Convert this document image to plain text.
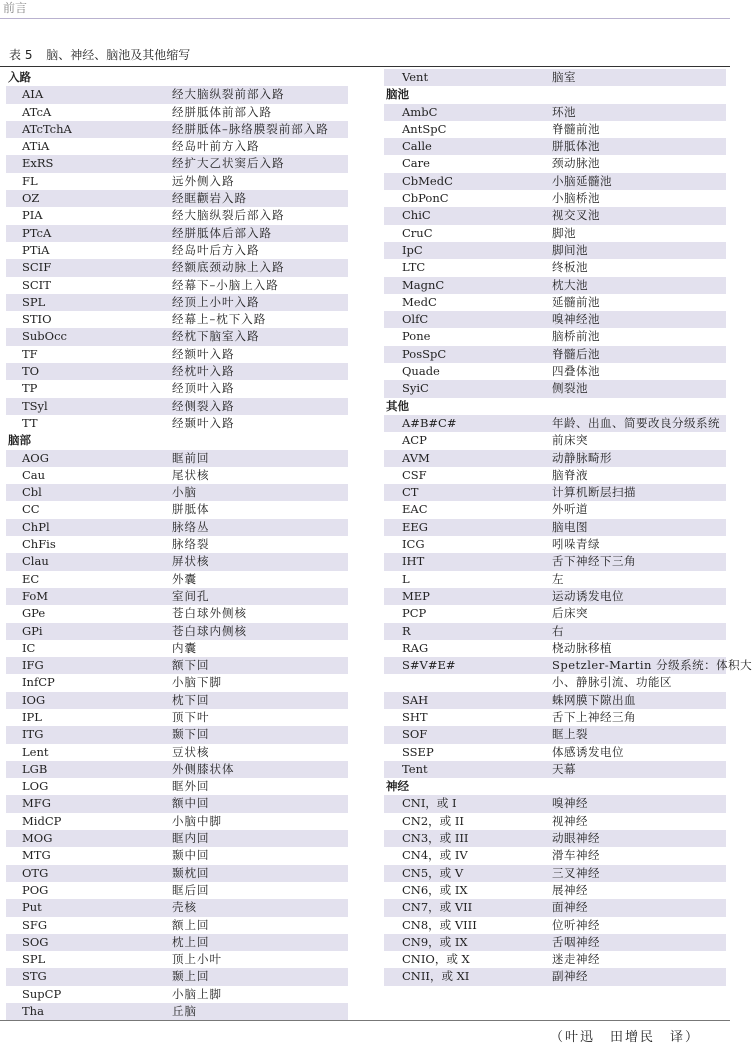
前言
表 5 脑、神经、脑池及其他缩写
入路
AIA	经大脑纵裂前部入路
ATcA	经胼胝体前部入路
ATcTchA	经胼胝体–脉络膜裂前部入路
ATiA	经岛叶前方入路
ExRS	经扩大乙状窦后入路
FL	远外侧入路
OZ	经眶颧岩入路
PIA	经大脑纵裂后部入路
PTcA	经胼胝体后部入路
PTiA	经岛叶后方入路
SCIF	经额底颈动脉上入路
SCIT	经幕下–小脑上入路
SPL	经顶上小叶入路
STIO	经幕上–枕下入路
SubOcc	经枕下脑室入路
TF	经额叶入路
TO	经枕叶入路
TP	经顶叶入路
TSyl	经侧裂入路
TT	经颞叶入路
脑部
AOG	眶前回
Cau	尾状核
Cbl	小脑
CC	胼胝体
ChPl	脉络丛
ChFis	脉络裂
Clau	屏状核
EC	外囊
FoM	室间孔
GPe	苍白球外侧核
GPi	苍白球内侧核
IC	内囊
IFG	额下回
InfCP	小脑下脚
IOG	枕下回
IPL	顶下叶
ITG	颞下回
Lent	豆状核
LGB	外侧膝状体
LOG	眶外回
MFG	额中回
MidCP	小脑中脚
MOG	眶内回
MTG	颞中回
OTG	颞枕回
POG	眶后回
Put	壳核
SFG	额上回
SOG	枕上回
SPL	顶上小叶
STG	颞上回
SupCP	小脑上脚
Tha	丘脑
Vent	脑室
脑池
AmbC	环池
AntSpC	脊髓前池
Calle	胼胝体池
Care	颈动脉池
CbMedC	小脑延髓池
CbPonC	小脑桥池
ChiC	视交叉池
CruC	脚池
IpC	脚间池
LTC	终板池
MagnC	枕大池
MedC	延髓前池
OlfC	嗅神经池
Pone	脑桥前池
PosSpC	脊髓后池
Quade	四叠体池
SyiC	侧裂池
其他
A#B#C#	年龄、出血、简要改良分级系统
ACP	前床突
AVM	动静脉畸形
CSF	脑脊液
CT	计算机断层扫描
EAC	外听道
EEG	脑电图
ICG	吲哚青绿
IHT	舌下神经下三角
L	左
MEP	运动诱发电位
PCP	后床突
R	右
RAG	桡动脉移植
S#V#E#	Spetzler-Martin 分级系统：体积大
小、静脉引流、功能区
SAH	蛛网膜下隙出血
SHT	舌下上神经三角
SOF	眶上裂
SSEP	体感诱发电位
Tent	天幕
神经
CNI，或 I	嗅神经
CN2，或 II	视神经
CN3，或 III	动眼神经
CN4，或 IV	滑车神经
CN5，或 V	三叉神经
CN6，或 IX	展神经
CN7，或 VII	面神经
CN8，或 VIII	位听神经
CN9，或 IX	舌咽神经
CNIO，或 X	迷走神经
CNII，或 XI	副神经
（叶迅　田增民　译）
